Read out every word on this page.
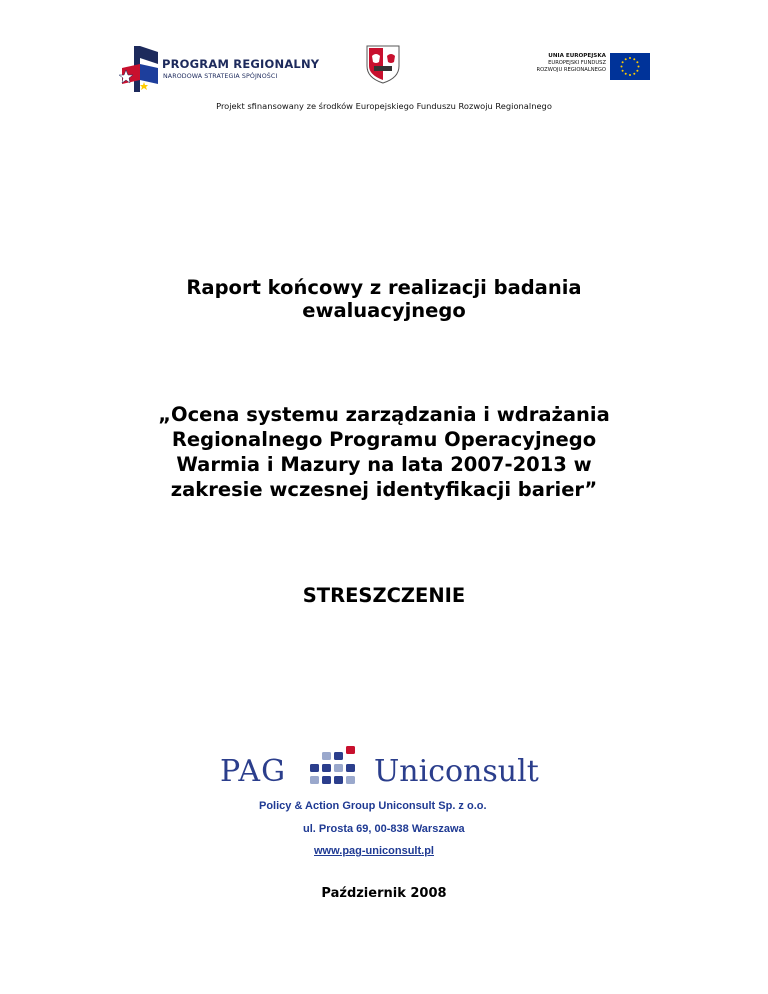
PROGRAM REGIONALNY
NARODOWA STRATEGIA SPÓJNOŚCI
UNIA EUROPEJSKA
EUROPEJSKI FUNDUSZ
ROZWOJU REGIONALNEGO
Projekt sfinansowany ze środków Europejskiego Funduszu Rozwoju Regionalnego
Raport końcowy z realizacji badania
ewaluacyjnego
„Ocena systemu zarządzania i wdrażania
Regionalnego Programu Operacyjnego
Warmia i Mazury na lata 2007-2013 w
zakresie wczesnej identyfikacji barier”
STRESZCZENIE
PAG	Uniconsult
Policy & Action Group Uniconsult Sp. z o.o.
ul. Prosta 69, 00-838 Warszawa
www.pag-uniconsult.pl
Październik 2008
